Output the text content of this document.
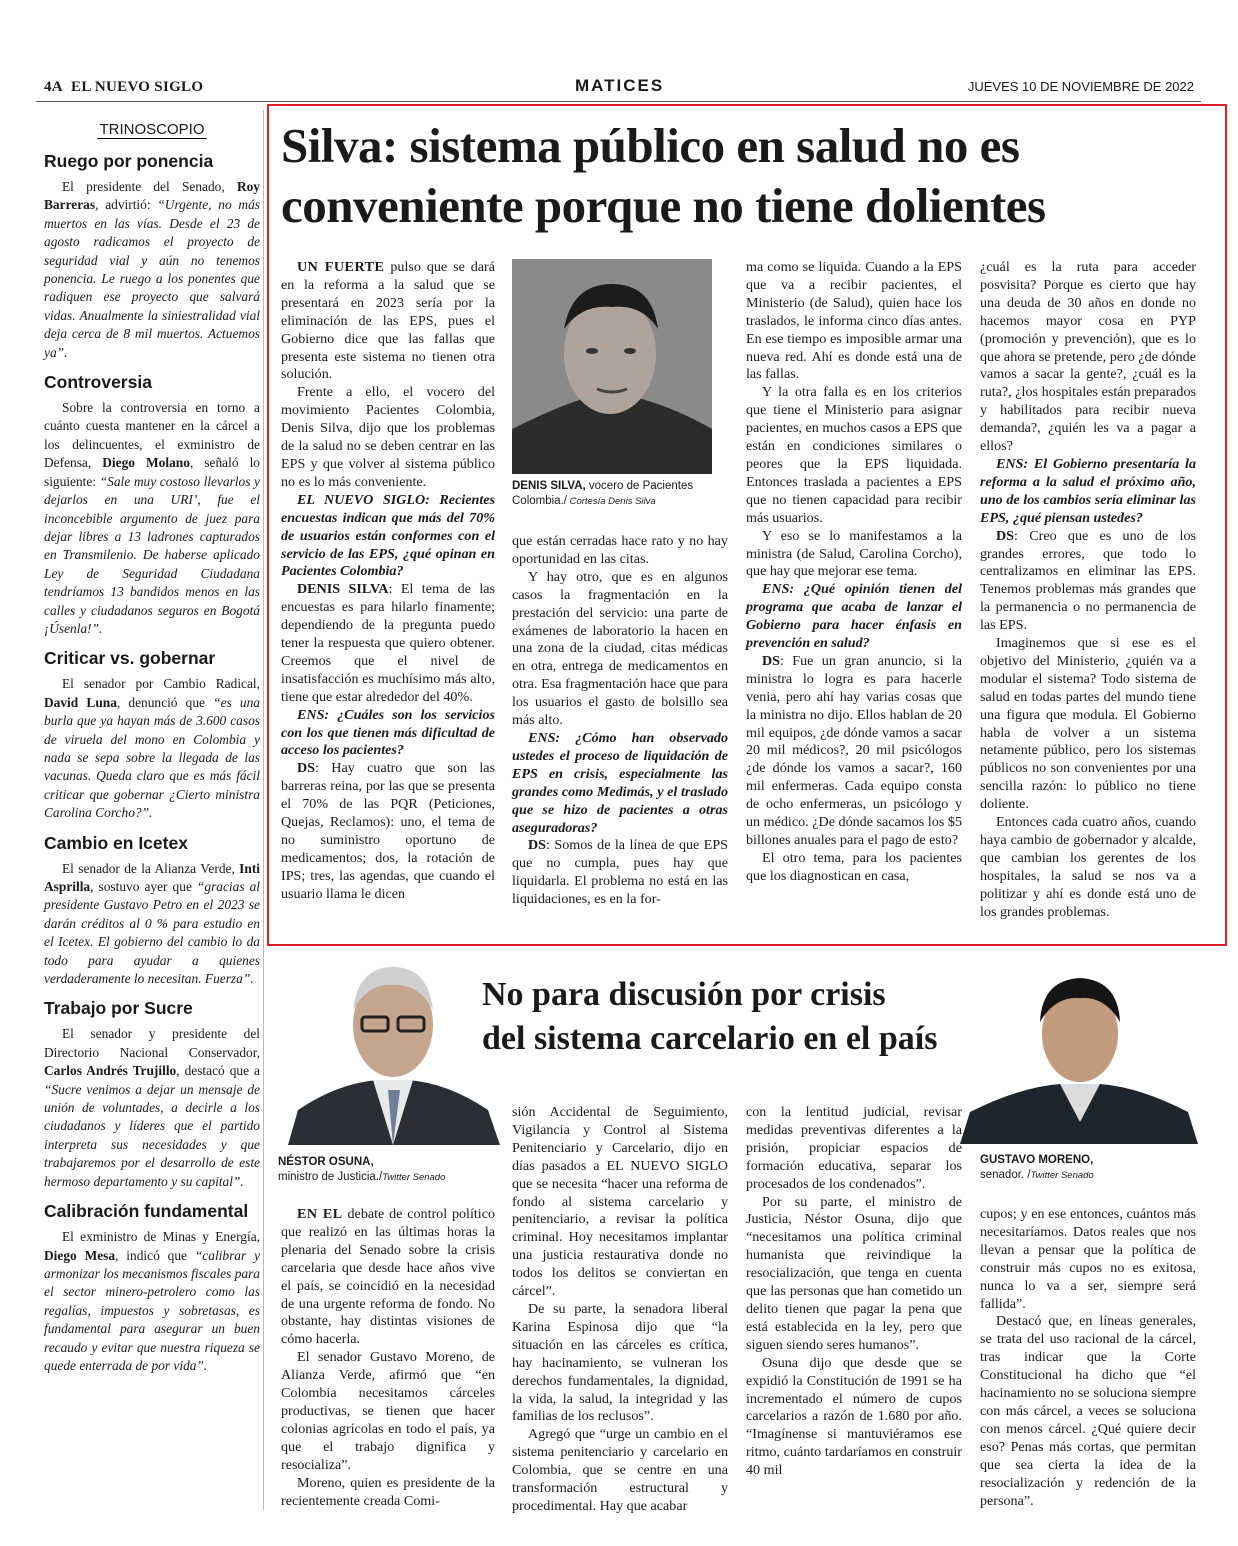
4A EL NUEVO SIGLO	MATICES	JUEVES 10 DE NOVIEMBRE DE 2022
TRINOSCOPIO
Ruego por ponencia

El presidente del Senado, Roy Barreras, advirtió: “Urgente, no más muertos en las vías. Desde el 23 de agosto radicamos el proyecto de seguridad vial y aún no tenemos ponencia. Le ruego a los ponentes que radiquen ese proyecto que salvará vidas. Anualmente la siniestralidad vial deja cerca de 8 mil muertos. Actuemos ya”.

Controversia

Sobre la controversia en torno a cuánto cuesta mantener en la cárcel a los delincuentes, el exministro de Defensa, Diego Molano, señaló lo siguiente: “Sale muy costoso llevarlos y dejarlos en una URI’, fue el inconcebible argumento de juez para dejar libres a 13 ladrones capturados en Transmilenio. De haberse aplicado Ley de Seguridad Ciudadana tendríamos 13 bandidos menos en las calles y ciudadanos seguros en Bogotá ¡Úsenla!”.

Criticar vs. gobernar

El senador por Cambio Radical, David Luna, denunció que “es una burla que ya hayan más de 3.600 casos de viruela del mono en Colombia y nada se sepa sobre la llegada de las vacunas. Queda claro que es más fácil criticar que gobernar ¿Cierto ministra Carolina Corcho?”.

Cambio en Icetex

El senador de la Alianza Verde, Inti Asprilla, sostuvo ayer que “gracias al presidente Gustavo Petro en el 2023 se darán créditos al 0 % para estudio en el Icetex. El gobierno del cambio lo da todo para ayudar a quienes verdaderamente lo necesitan. Fuerza”.

Trabajo por Sucre

El senador y presidente del Directorio Nacional Conservador, Carlos Andrés Trujillo, destacó que a “Sucre venimos a dejar un mensaje de unión de voluntades, a decirle a los ciudadanos y líderes que el partido interpreta sus necesidades y que trabajaremos por el desarrollo de este hermoso departamento y su capital”.

Calibración fundamental

El exministro de Minas y Energía, Diego Mesa, indicó que “calibrar y armonizar los mecanismos fiscales para el sector minero-petrolero como las regalías, impuestos y sobretasas, es fundamental para asegurar un buen recaudo y evitar que nuestra riqueza se quede enterrada de por vida”.

Silva: sistema público en salud no es conveniente porque no tiene dolientes

UN FUERTE pulso que se dará en la reforma a la salud que se presentará en 2023 sería por la eliminación de las EPS, pues el Gobierno dice que las fallas que presenta este sistema no tienen otra solución.

Frente a ello, el vocero del movimiento Pacientes Colombia, Denis Silva, dijo que los problemas de la salud no se deben centrar en las EPS y que volver al sistema público no es lo más conveniente.

EL NUEVO SIGLO: Recientes encuestas indican que más del 70% de usuarios están conformes con el servicio de las EPS, ¿qué opinan en Pacientes Colombia?

DENIS SILVA: El tema de las encuestas es para hilarlo finamente; dependiendo de la pregunta puedo tener la respuesta que quiero obtener. Creemos que el nivel de insatisfacción es muchísimo más alto, tiene que estar alrededor del 40%.

ENS: ¿Cuáles son los servicios con los que tienen más dificultad de acceso los pacientes?

DS: Hay cuatro que son las barreras reina, por las que se presenta el 70% de las PQR (Peticiones, Quejas, Reclamos): uno, el tema de no suministro oportuno de medicamentos; dos, la rotación de IPS; tres, las agendas, que cuando el usuario llama le dicen

DENIS SILVA, vocero de Pacientes Colombia./ Cortesía Denis Silva

que están cerradas hace rato y no hay oportunidad en las citas.

Y hay otro, que es en algunos casos la fragmentación en la prestación del servicio: una parte de exámenes de laboratorio la hacen en una zona de la ciudad, citas médicas en otra, entrega de medicamentos en otra. Esa fragmentación hace que para los usuarios el gasto de bolsillo sea más alto.

ENS: ¿Cómo han observado ustedes el proceso de liquidación de EPS en crisis, especialmente las grandes como Medimás, y el traslado que se hizo de pacientes a otras aseguradoras?

DS: Somos de la línea de que EPS que no cumpla, pues hay que liquidarla. El problema no está en las liquidaciones, es en la for-

ma como se liquida. Cuando a la EPS que va a recibir pacientes, el Ministerio (de Salud), quien hace los traslados, le informa cinco días antes. En ese tiempo es imposible armar una nueva red. Ahí es donde está una de las fallas.

Y la otra falla es en los criterios que tiene el Ministerio para asignar pacientes, en muchos casos a EPS que están en condiciones similares o peores que la EPS liquidada. Entonces traslada a pacientes a EPS que no tienen capacidad para recibir más usuarios.

Y eso se lo manifestamos a la ministra (de Salud, Carolina Corcho), que hay que mejorar ese tema.

ENS: ¿Qué opinión tienen del programa que acaba de lanzar el Gobierno para hacer énfasis en prevención en salud?

DS: Fue un gran anuncio, si la ministra lo logra es para hacerle venia, pero ahí hay varias cosas que la ministra no dijo. Ellos hablan de 20 mil equipos, ¿de dónde vamos a sacar 20 mil médicos?, 20 mil psicólogos ¿de dónde los vamos a sacar?, 160 mil enfermeras. Cada equipo consta de ocho enfermeras, un psicólogo y un médico. ¿De dónde sacamos los $5 billones anuales para el pago de esto?

El otro tema, para los pacientes que los diagnostican en casa,

¿cuál es la ruta para acceder posvisita? Porque es cierto que hay una deuda de 30 años en donde no hacemos mayor cosa en PYP (promoción y prevención), que es lo que ahora se pretende, pero ¿de dónde vamos a sacar la gente?, ¿cuál es la ruta?, ¿los hospitales están preparados y habilitados para recibir nueva demanda?, ¿quién les va a pagar a ellos?

ENS: El Gobierno presentaría la reforma a la salud el próximo año, uno de los cambios sería eliminar las EPS, ¿qué piensan ustedes?

DS: Creo que es uno de los grandes errores, que todo lo centralizamos en eliminar las EPS. Tenemos problemas más grandes que la permanencia o no permanencia de las EPS.

Imaginemos que si ese es el objetivo del Ministerio, ¿quién va a modular el sistema? Todo sistema de salud en todas partes del mundo tiene una figura que modula. El Gobierno habla de volver a un sistema netamente público, pero los sistemas públicos no son convenientes por una sencilla razón: lo público no tiene doliente.

Entonces cada cuatro años, cuando haya cambio de gobernador y alcalde, que cambian los gerentes de los hospitales, la salud se nos va a politizar y ahí es donde está uno de los grandes problemas.

NÉSTOR OSUNA,
ministro de Justicia./Twitter Senado
No para discusión por crisis
del sistema carcelario en el país
GUSTAVO MORENO,
senador. /Twitter Senado

EN EL debate de control político que realizó en las últimas horas la plenaria del Senado sobre la crisis carcelaria que desde hace años vive el país, se coincidió en la necesidad de una urgente reforma de fondo. No obstante, hay distintas visiones de cómo hacerla.

El senador Gustavo Moreno, de Alianza Verde, afirmó que “en Colombia necesitamos cárceles productivas, se tienen que hacer colonias agrícolas en todo el país, ya que el trabajo dignifica y resocializa”.

Moreno, quien es presidente de la recientemente creada Comi-

sión Accidental de Seguimiento, Vigilancia y Control al Sistema Penitenciario y Carcelario, dijo en días pasados a EL NUEVO SIGLO que se necesita “hacer una reforma de fondo al sistema carcelario y penitenciario, a revisar la política criminal. Hoy necesitamos implantar una justicia restaurativa donde no todos los delitos se conviertan en cárcel”.

De su parte, la senadora liberal Karina Espinosa dijo que “la situación en las cárceles es crítica, hay hacinamiento, se vulneran los derechos fundamentales, la dignidad, la vida, la salud, la integridad y las familias de los reclusos”.

Agregó que “urge un cambio en el sistema penitenciario y carcelario en Colombia, que se centre en una transformación estructural y procedimental. Hay que acabar

con la lentitud judicial, revisar medidas preventivas diferentes a la prisión, propiciar espacios de formación educativa, separar los procesados de los condenados”.

Por su parte, el ministro de Justicia, Néstor Osuna, dijo que “necesitamos una política criminal humanista que reivindique la resocialización, que tenga en cuenta que las personas que han cometido un delito tienen que pagar la pena que está establecida en la ley, pero que siguen siendo seres humanos”.

Osuna dijo que desde que se expidió la Constitución de 1991 se ha incrementado el número de cupos carcelarios a razón de 1.680 por año. “Imagínense si mantuviéramos ese ritmo, cuánto tardaríamos en construir 40 mil

cupos; y en ese entonces, cuántos más necesitaríamos. Datos reales que nos llevan a pensar que la política de construir más cupos no es exitosa, nunca lo va a ser, siempre será fallida”.

Destacó que, en líneas generales, se trata del uso racional de la cárcel, tras indicar que la Corte Constitucional ha dicho que “el hacinamiento no se soluciona siempre con más cárcel, a veces se soluciona con menos cárcel. ¿Qué quiere decir eso? Penas más cortas, que permitan que sea cierta la idea de la resocialización y redención de la persona”.
